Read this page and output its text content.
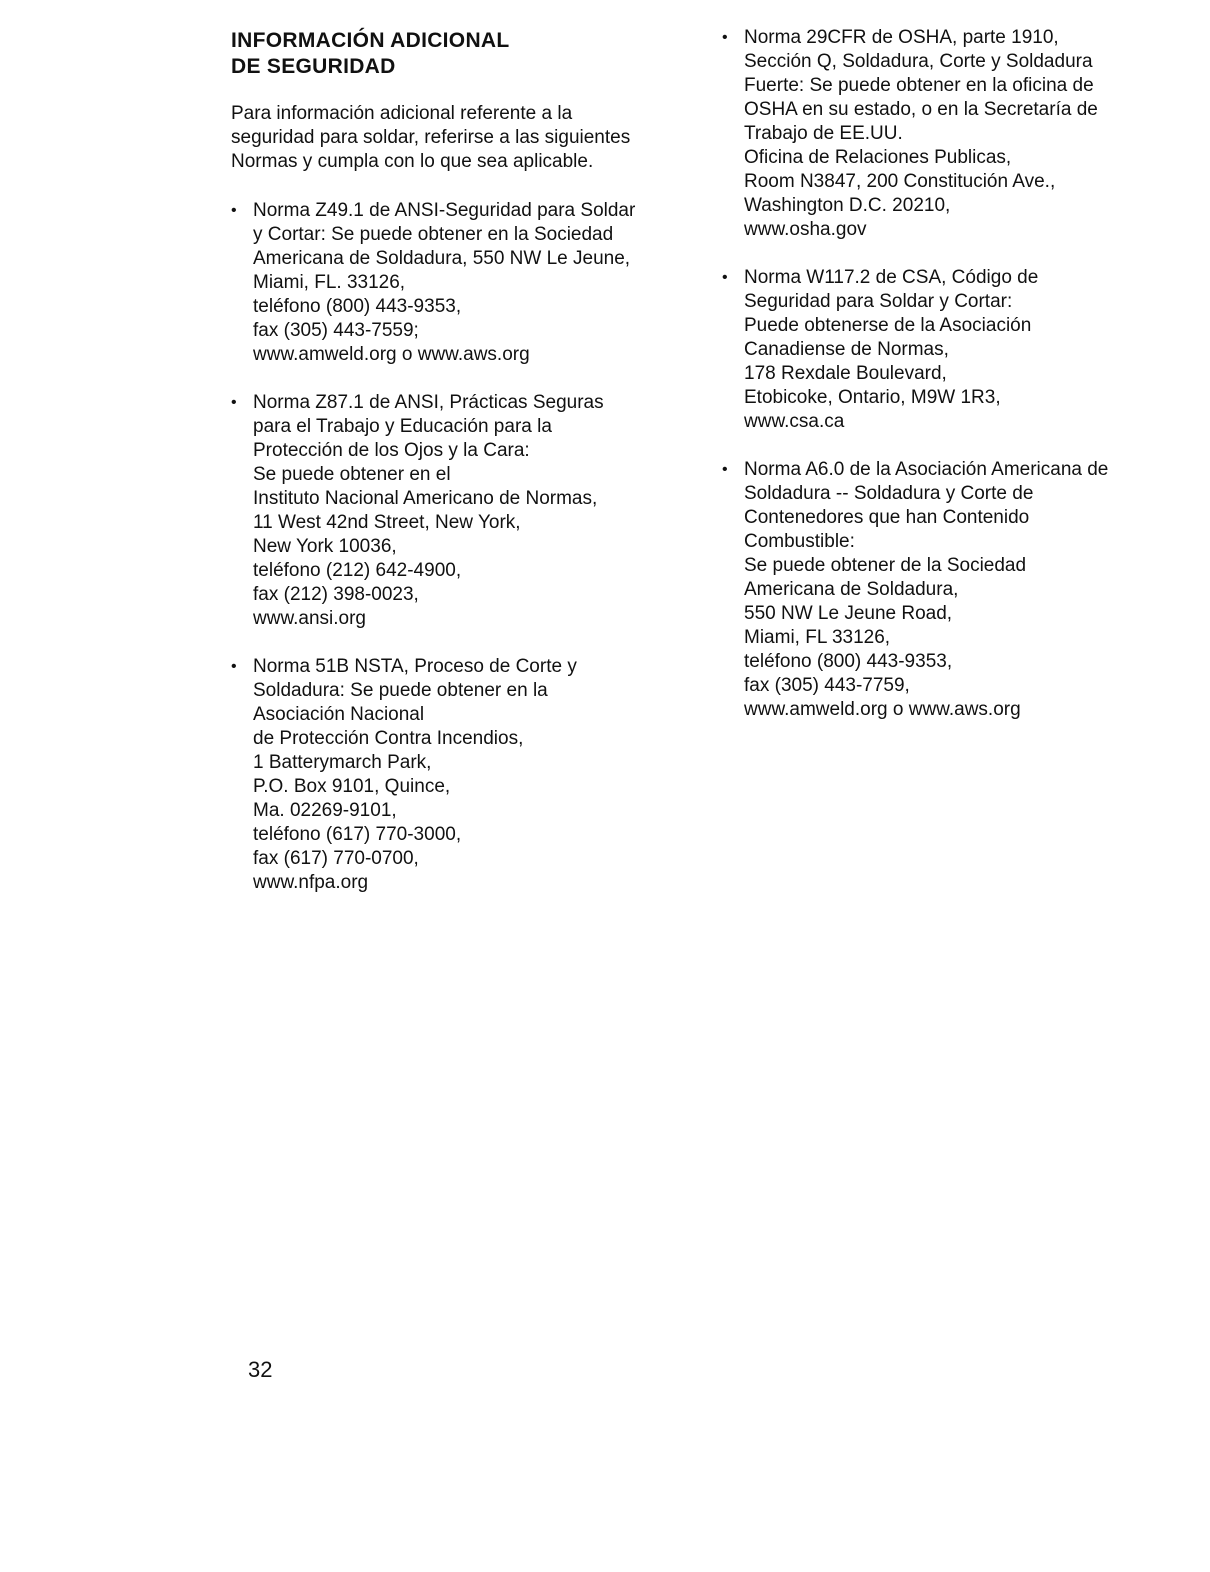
INFORMACIÓN ADICIONAL
DE SEGURIDAD

Para información adicional referente a la
seguridad para soldar, referirse a las siguientes
Normas y cumpla con lo que sea aplicable.

• Norma Z49.1 de ANSI-Seguridad para Soldar
y Cortar: Se puede obtener en la Sociedad
Americana de Soldadura, 550 NW Le Jeune,
Miami, FL. 33126,
teléfono (800) 443-9353,
fax (305) 443-7559;
www.amweld.org o www.aws.org
• Norma Z87.1 de ANSI, Prácticas Seguras
para el Trabajo y Educación para la
Protección de los Ojos y la Cara:
Se puede obtener en el
Instituto Nacional Americano de Normas,
11 West 42nd Street, New York,
New York 10036,
teléfono (212) 642-4900,
fax (212) 398-0023,
www.ansi.org
• Norma 51B NSTA, Proceso de Corte y
Soldadura: Se puede obtener en la
Asociación Nacional
de Protección Contra Incendios,
1 Batterymarch Park,
P.O. Box 9101, Quince,
Ma. 02269-9101,
teléfono (617) 770-3000,
fax (617) 770-0700,
www.nfpa.org
• Norma 29CFR de OSHA, parte 1910,
Sección Q, Soldadura, Corte y Soldadura
Fuerte: Se puede obtener en la oficina de
OSHA en su estado, o en la Secretaría de
Trabajo de EE.UU.
Oficina de Relaciones Publicas,
Room N3847, 200 Constitución Ave.,
Washington D.C. 20210,
www.osha.gov
• Norma W117.2 de CSA, Código de
Seguridad para Soldar y Cortar:
Puede obtenerse de la Asociación
Canadiense de Normas,
178 Rexdale Boulevard,
Etobicoke, Ontario, M9W 1R3,
www.csa.ca
• Norma A6.0 de la Asociación Americana de
Soldadura -- Soldadura y Corte de
Contenedores que han Contenido
Combustible:
Se puede obtener de la Sociedad
Americana de Soldadura,
550 NW Le Jeune Road,
Miami, FL 33126,
teléfono (800) 443-9353,
fax (305) 443-7759,
www.amweld.org o www.aws.org
32
